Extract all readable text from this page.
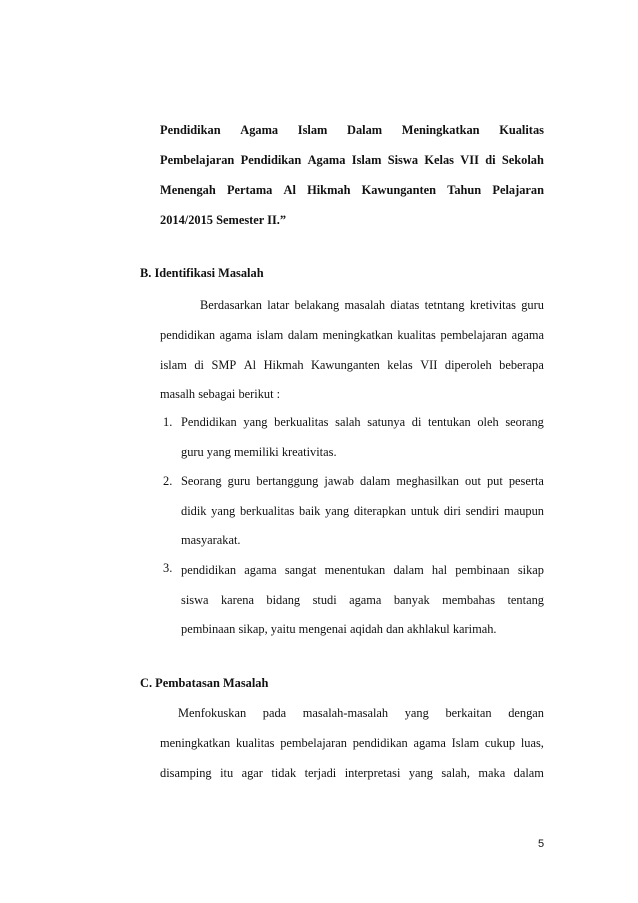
Pendidikan Agama Islam Dalam Meningkatkan Kualitas
Pembelajaran Pendidikan Agama Islam Siswa Kelas VII di Sekolah
Menengah Pertama Al Hikmah Kawunganten Tahun Pelajaran
2014/2015 Semester II.”
B. Identifikasi Masalah
Berdasarkan latar belakang masalah diatas tetntang kretivitas guru
pendidikan agama islam dalam meningkatkan kualitas pembelajaran agama
islam di SMP Al Hikmah Kawunganten kelas VII diperoleh beberapa
masalh sebagai berikut :
1. Pendidikan yang berkualitas salah satunya di tentukan oleh seorang
guru yang memiliki kreativitas.
2. Seorang guru bertanggung jawab dalam meghasilkan out put peserta
didik yang berkualitas baik yang diterapkan untuk diri sendiri maupun
masyarakat.
3. pendidikan agama sangat menentukan dalam hal pembinaan sikap
siswa karena bidang studi agama banyak membahas tentang
pembinaan sikap, yaitu mengenai aqidah dan akhlakul karimah.
C. Pembatasan Masalah
Menfokuskan pada masalah-masalah yang berkaitan dengan
meningkatkan kualitas pembelajaran pendidikan agama Islam cukup luas,
disamping itu agar tidak terjadi interpretasi yang salah, maka dalam
5
